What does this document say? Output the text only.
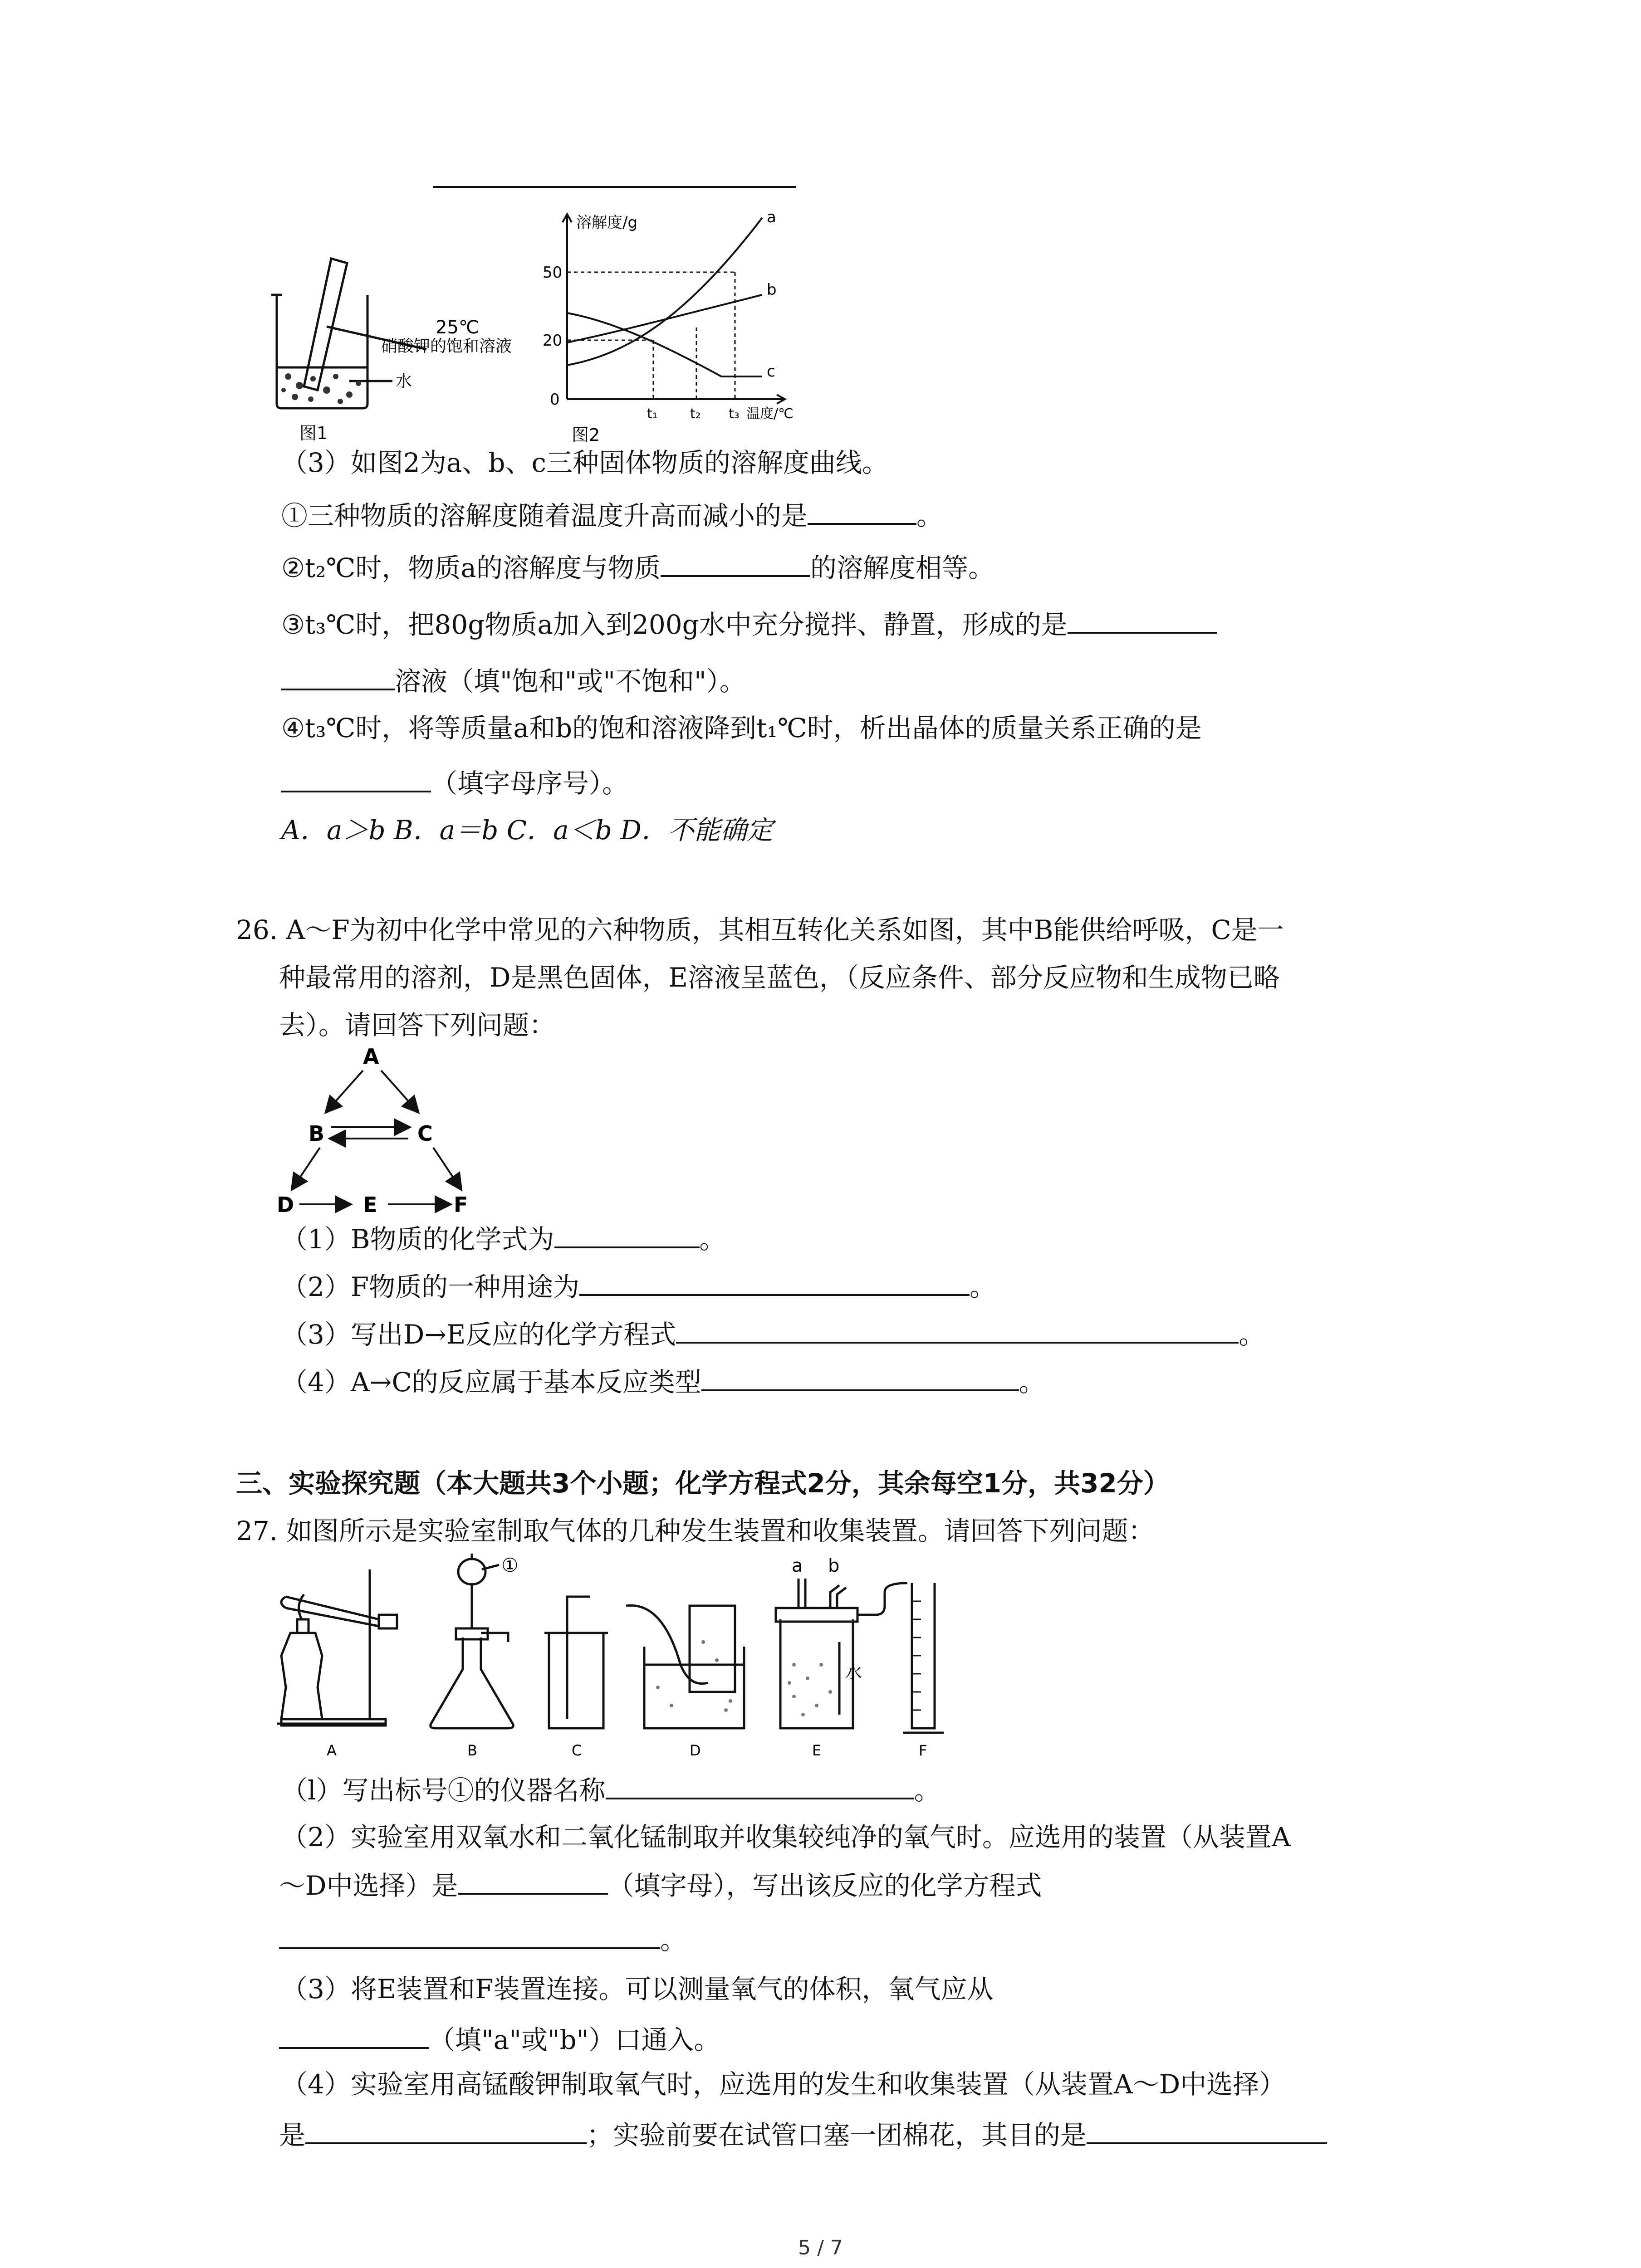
25℃
硝酸钾的饱和溶液
水
图1
溶解度/g	a
b
c
50
20
0
t₁ t₂ t₃ 温度/℃
图2
（3）如图2为a、b、c三种固体物质的溶解度曲线。
①三种物质的溶解度随着温度升高而减小的是	。
②t₂℃时，物质a的溶解度与物质	的溶解度相等。
③t₃℃时，把80g物质a加入到200g水中充分搅拌、静置，形成的是
溶液（填"饱和"或"不饱和"）。
④t₃℃时，将等质量a和b的饱和溶液降到t₁℃时，析出晶体的质量关系正确的是
（填字母序号）。
A．a＞b B．a＝b C．a＜b D．不能确定
26. A～F为初中化学中常见的六种物质，其相互转化关系如图，其中B能供给呼吸，C是一
种最常用的溶剂，D是黑色固体，E溶液呈蓝色，（反应条件、部分反应物和生成物已略
去）。请回答下列问题：
A
B	C
D	E	F
（1）B物质的化学式为	。
（2）F物质的一种用途为	。
（3）写出D→E反应的化学方程式	。
（4）A→C的反应属于基本反应类型	。
三、实验探究题（本大题共3个小题；化学方程式2分，其余每空1分，共32分）
27. 如图所示是实验室制取气体的几种发生装置和收集装置。请回答下列问题：
①	a b
水
A	B	C	D	E	F
（l）写出标号①的仪器名称	。
（2）实验室用双氧水和二氧化锰制取并收集较纯净的氧气时。应选用的装置（从装置A
～D中选择）是	（填字母），写出该反应的化学方程式
。
（3）将E装置和F装置连接。可以测量氧气的体积，氧气应从
（填"a"或"b"）口通入。
（4）实验室用高锰酸钾制取氧气时，应选用的发生和收集装置（从装置A～D中选择）
是	；实验前要在试管口塞一团棉花，其目的是
5 / 7
